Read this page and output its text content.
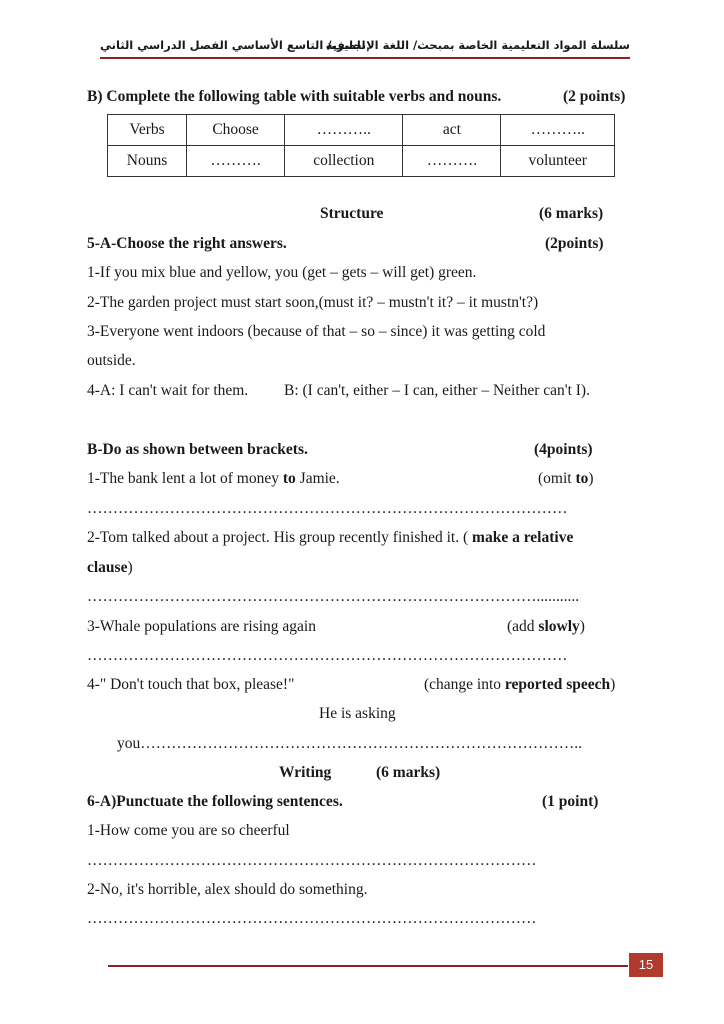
سلسلة المواد التعليمية الخاصة بمبحث/ اللغة الإنجليزية
للصف/ التاسع الأساسي الفصل الدراسي الثاني
B) Complete the following table with suitable verbs and nouns.	(2 points)
Verbs	Choose	………..	act	………..
Nouns	……….	collection	……….	volunteer
Structure	(6 marks)
5-A-Choose the right answers.	(2points)
1-If you mix blue and yellow, you (get – gets – will get) green.
2-The garden project must start soon,(must it? – mustn't it? – it mustn't?)
3-Everyone went indoors (because of that – so – since) it was getting cold
outside.
4-A: I can't wait for them. B: (I can't, either – I can, either – Neither can't I).
B-Do as shown between brackets.	(4points)
1-The bank lent a lot of money to Jamie.	(omit to)
…………………………………………………………………………………
2-Tom talked about a project. His group recently finished it. ( make a relative
clause)
……………………………………………………………………………...........
3-Whale populations are rising again	(add slowly)
…………………………………………………………………………………
4-" Don't touch that box, please!"	(change into reported speech)
He is asking
you…………………………………………………………………………..
Writing	(6 marks)
6-A)Punctuate the following sentences.	(1 point)
1-How come you are so cheerful
……………………………………………………………………………
2-No, it's horrible, alex should do something.
……………………………………………………………………………
15
